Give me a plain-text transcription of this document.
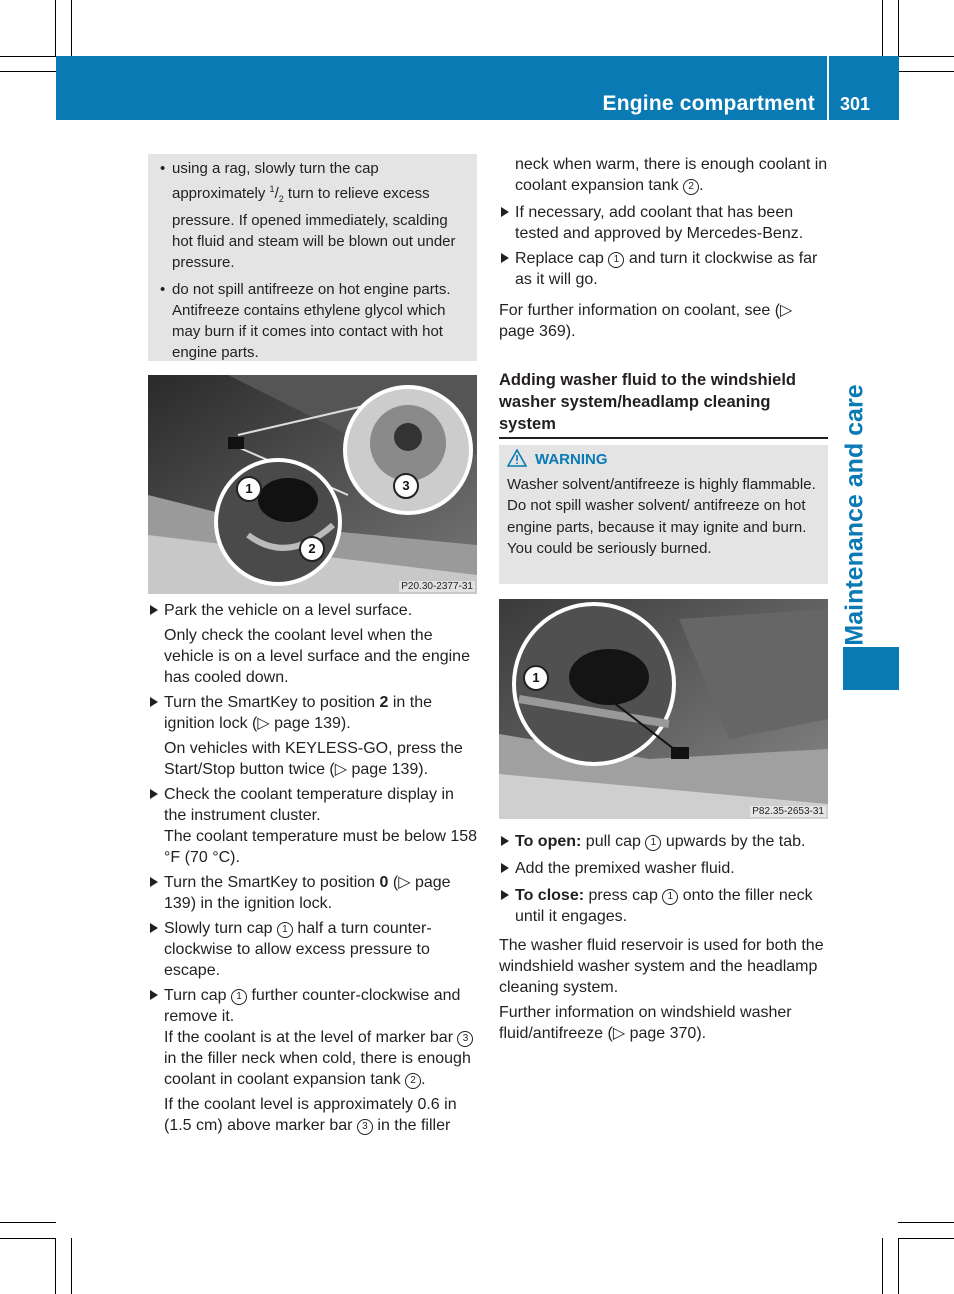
Engine compartment 301
Maintenance and care
• using a rag, slowly turn the cap approximately $^1/_2$ turn to relieve excess pressure. If opened immediately, scalding hot fluid and steam will be blown out under pressure.
• do not spill antifreeze on hot engine parts. Antifreeze contains ethylene glycol which may burn if it comes into contact with hot engine parts.
1
2
3
P20.30-2377-31
Park the vehicle on a level surface.
Only check the coolant level when the vehicle is on a level surface and the engine has cooled down.
Turn the SmartKey to position 2 in the ignition lock (▷ page 139).
On vehicles with KEYLESS-GO, press the Start/Stop button twice (▷ page 139).
Check the coolant temperature display in the instrument cluster.
The coolant temperature must be below 158 °F (70 °C).
Turn the SmartKey to position 0 (▷ page 139) in the ignition lock.
Slowly turn cap 1 half a turn counter-clockwise to allow excess pressure to escape.
Turn cap 1 further counter-clockwise and remove it.
If the coolant is at the level of marker bar 3 in the filler neck when cold, there is enough coolant in coolant expansion tank 2 .
If the coolant level is approximately 0.6 in (1.5 cm) above marker bar 3 in the filler
neck when warm, there is enough coolant in coolant expansion tank 2 .
If necessary, add coolant that has been tested and approved by Mercedes-Benz.
Replace cap 1 and turn it clockwise as far as it will go.
For further information on coolant, see (▷ page 369).
Adding washer fluid to the windshield washer system/headlamp cleaning system
WARNING
Washer solvent/antifreeze is highly flammable. Do not spill washer solvent/ antifreeze on hot engine parts, because it may ignite and burn. You could be seriously burned.
1
P82.35-2653-31
To open: pull cap 1 upwards by the tab.
Add the premixed washer fluid.
To close: press cap 1 onto the filler neck until it engages.
The washer fluid reservoir is used for both the windshield washer system and the headlamp cleaning system.
Further information on windshield washer fluid/antifreeze (▷ page 370).
